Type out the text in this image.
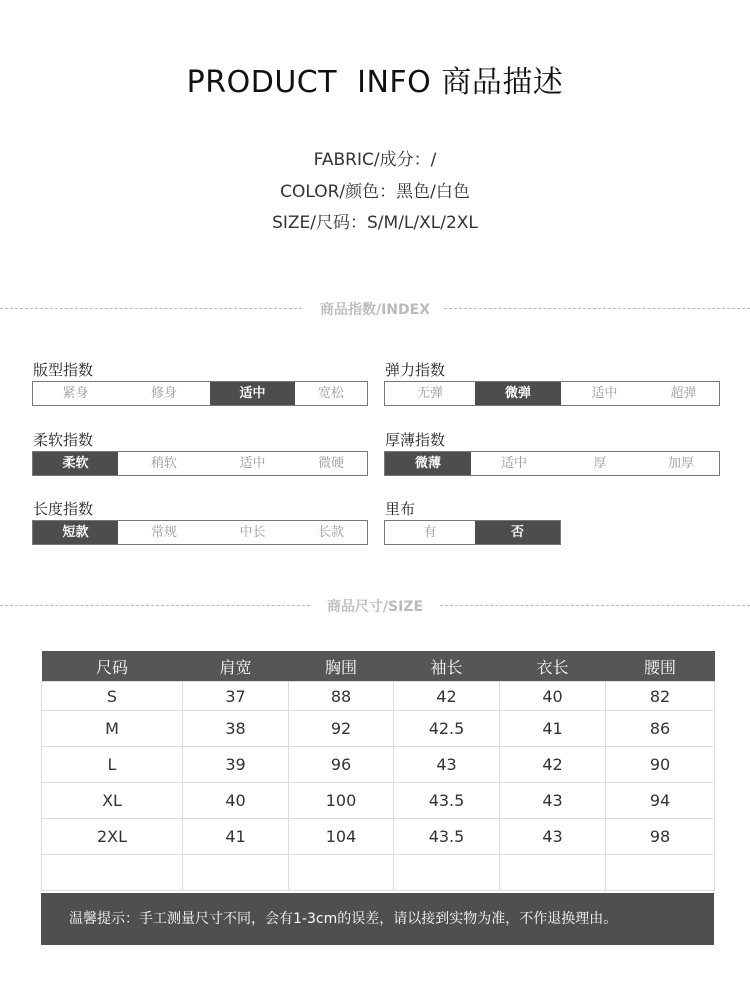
PRODUCT  INFO 商品描述
FABRIC/成分：/
COLOR/颜色：黑色/白色
SIZE/尺码：S/M/L/XL/2XL
商品指数/INDEX
版型指数
紧身	修身	适中	宽松
弹力指数
无弹	微弹	适中	超弹
柔软指数
柔软	稍软	适中	微硬
厚薄指数
微薄	适中	厚	加厚
长度指数
短款	常规	中长	长款
里布
有	否
商品尺寸/SIZE
尺码	肩宽	胸围	袖长	衣长	腰围
S	37	88	42	40	82
M	38	92	42.5	41	86
L	39	96	43	42	90
XL	40	100	43.5	43	94
2XL	41	104	43.5	43	98

温馨提示：手工测量尺寸不同，会有1-3cm的误差，请以接到实物为准，不作退换理由。
